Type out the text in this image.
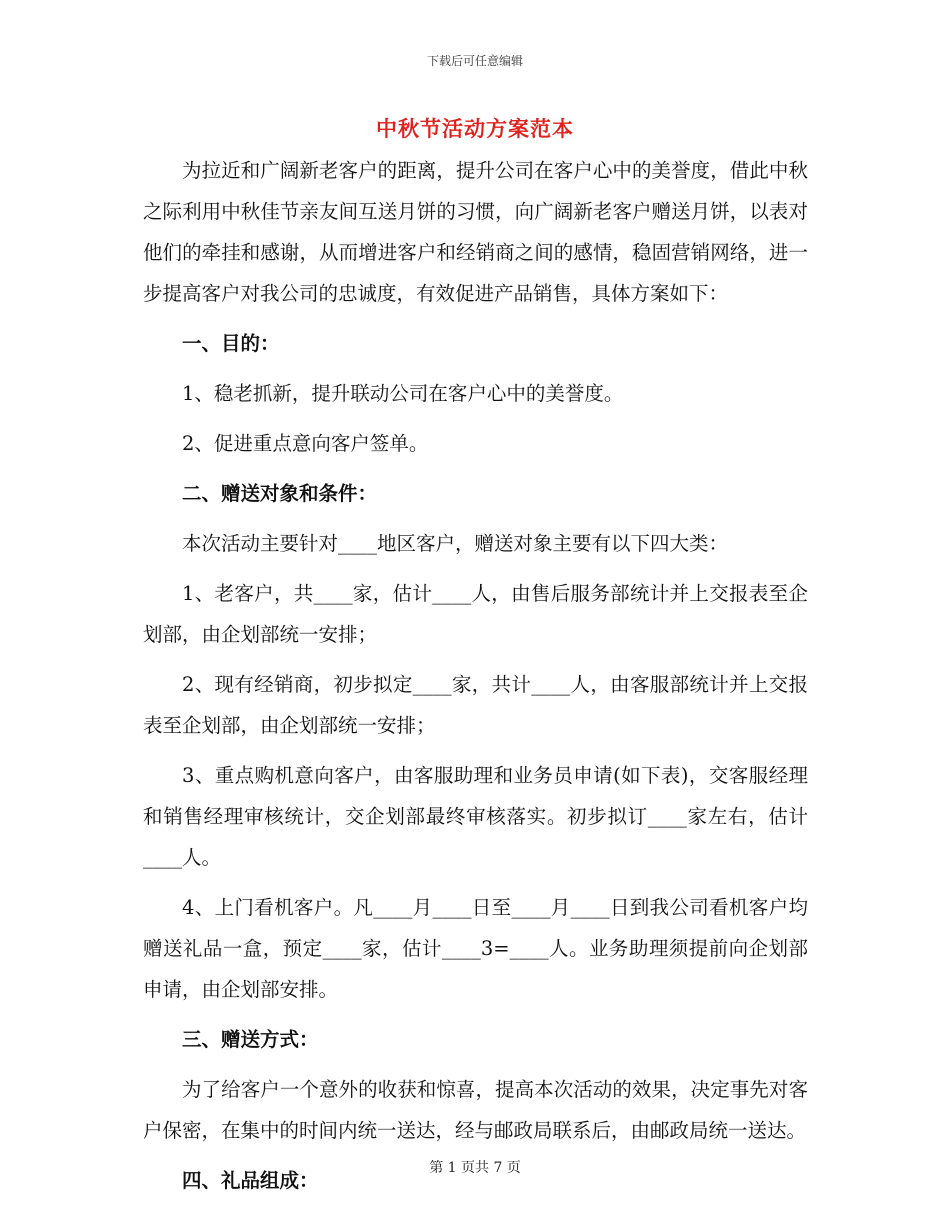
下载后可任意编辑
中秋节活动方案范本

为拉近和广阔新老客户的距离，提升公司在客户心中的美誉度，借此中秋之际利用中秋佳节亲友间互送月饼的习惯，向广阔新老客户赠送月饼，以表对他们的牵挂和感谢，从而增进客户和经销商之间的感情，稳固营销网络，进一步提高客户对我公司的忠诚度，有效促进产品销售，具体方案如下：

一、目的：

1、稳老抓新，提升联动公司在客户心中的美誉度。

2、促进重点意向客户签单。

二、赠送对象和条件：

本次活动主要针对____地区客户，赠送对象主要有以下四大类：

1、老客户，共____家，估计____人，由售后服务部统计并上交报表至企划部，由企划部统一安排；

2、现有经销商，初步拟定____家，共计____人，由客服部统计并上交报表至企划部，由企划部统一安排；

3、重点购机意向客户，由客服助理和业务员申请(如下表)，交客服经理和销售经理审核统计，交企划部最终审核落实。初步拟订____家左右，估计____人。

4、上门看机客户。凡____月____日至____月____日到我公司看机客户均赠送礼品一盒，预定____家，估计____3=____人。业务助理须提前向企划部申请，由企划部安排。

三、赠送方式：

为了给客户一个意外的收获和惊喜，提高本次活动的效果，决定事先对客户保密，在集中的时间内统一送达，经与邮政局联系后，由邮政局统一送达。

四、礼品组成：

第 1 页共 7 页
